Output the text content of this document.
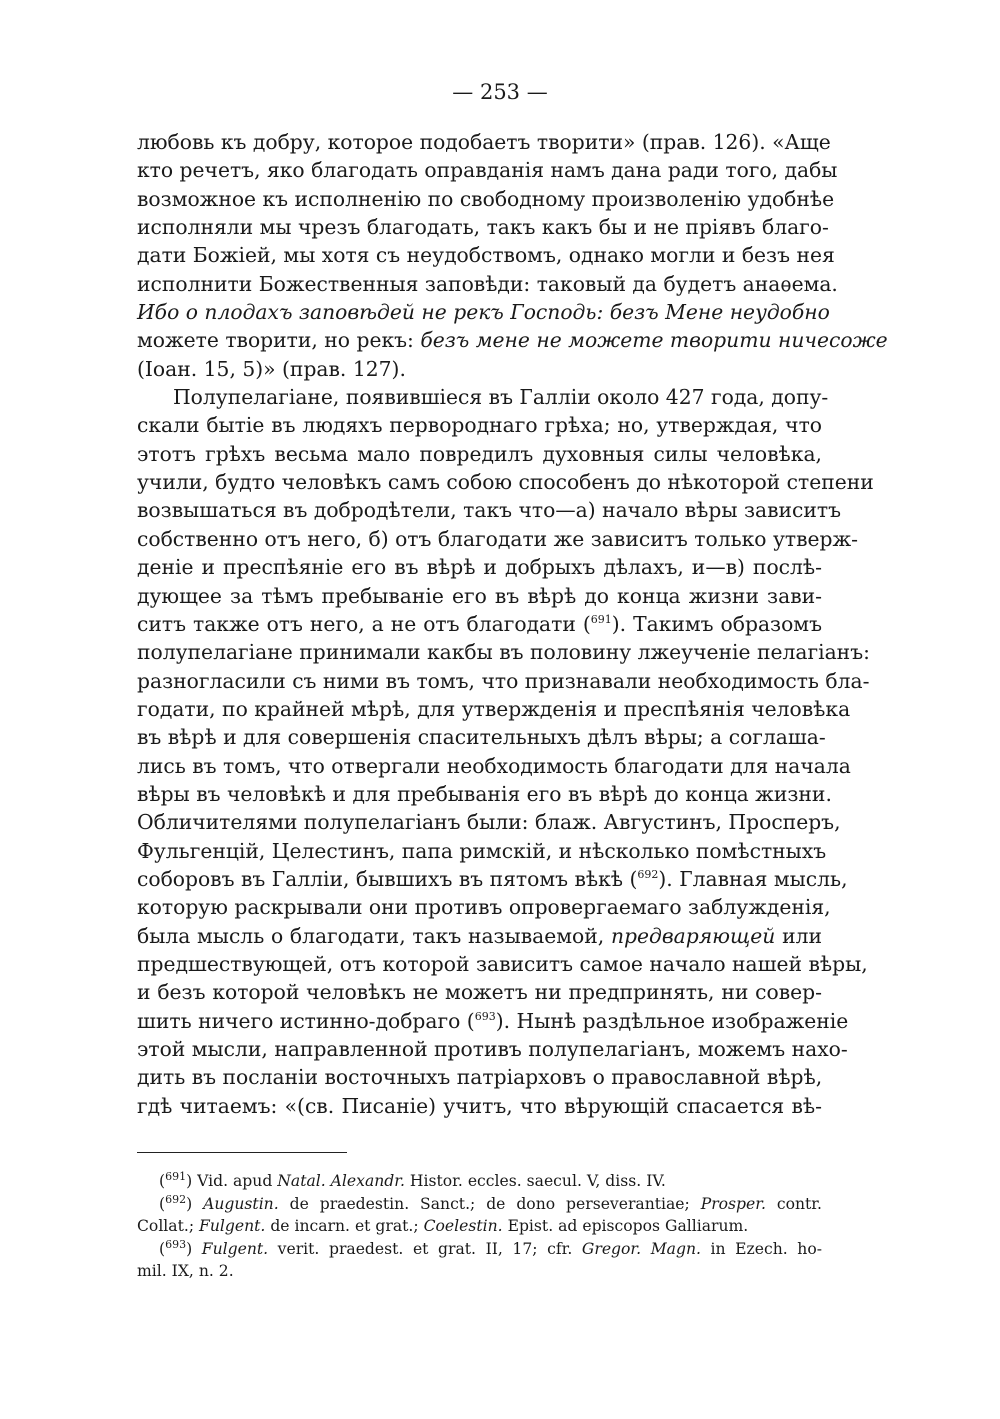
— 253 —
любовь къ добру, которое подобаетъ творити» (прав. 126). «Аще
кто речетъ, яко благодать оправданія намъ дана ради того, дабы
возможное къ исполненію по свободному произволенію удобнѣе
исполняли мы чрезъ благодать, такъ какъ бы и не пріявъ благо-
дати Божіей, мы хотя съ неудобствомъ, однако могли и безъ нея
исполнити Божественныя заповѣди: таковый да будетъ анаѳема.
Ибо о плодахъ заповѣдей не рекъ Господь: безъ Мене неудобно
можете творити, но рекъ: безъ мене не можете творити ничесоже
(Іоан. 15, 5)» (прав. 127).
Полупелагіане, появившіеся въ Галліи около 427 года, допу-
скали бытіе въ людяхъ первороднаго грѣха; но, утверждая, что
этотъ грѣхъ весьма мало повредилъ духовныя силы человѣка,
учили, будто человѣкъ самъ собою способенъ до нѣкоторой степени
возвышаться въ добродѣтели, такъ что—а) начало вѣры зависитъ
собственно отъ него, б) отъ благодати же зависитъ только утверж-
деніе и преспѣяніе его въ вѣрѣ и добрыхъ дѣлахъ, и—в) послѣ-
дующее за тѣмъ пребываніе его въ вѣрѣ до конца жизни зави-
ситъ также отъ него, а не отъ благодати ($^{691}$). Такимъ образомъ
полупелагіане принимали какбы въ половину лжеученіе пелагіанъ:
разногласили съ ними въ томъ, что признавали необходимость бла-
годати, по крайней мѣрѣ, для утвержденія и преспѣянія человѣка
въ вѣрѣ и для совершенія спасительныхъ дѣлъ вѣры; а соглаша-
лись въ томъ, что отвергали необходимость благодати для начала
вѣры въ человѣкѣ и для пребыванія его въ вѣрѣ до конца жизни.
Обличителями полупелагіанъ были: блаж. Августинъ, Просперъ,
Фульгенцій, Целестинъ, папа римскій, и нѣсколько помѣстныхъ
соборовъ въ Галліи, бывшихъ въ пятомъ вѣкѣ ($^{692}$). Главная мысль,
которую раскрывали они противъ опровергаемаго заблужденія,
была мысль о благодати, такъ называемой, предваряющей или
предшествующей, отъ которой зависитъ самое начало нашей вѣры,
и безъ которой человѣкъ не можетъ ни предпринять, ни совер-
шить ничего истинно-добраго ($^{693}$). Нынѣ раздѣльное изображеніе
этой мысли, направленной противъ полупелагіанъ, можемъ нахо-
дить въ посланіи восточныхъ патріарховъ о православной вѣрѣ,
гдѣ читаемъ: «(св. Писаніе) учитъ, что вѣрующій спасается вѣ-
($^{691}$) Vid. apud Natal. Alexandr. Histor. eccles. saecul. V, diss. IV.
($^{692}$) Augustin. de praedestin. Sanct.; de dono perseverantiae; Prosper. contr.
Collat.; Fulgent. de incarn. et grat.; Coelestin. Epist. ad episcopos Galliarum.
($^{693}$) Fulgent. verit. praedest. et grat. II, 17; cfr. Gregor. Magn. in Ezech. ho-
mil. IX, n. 2.
